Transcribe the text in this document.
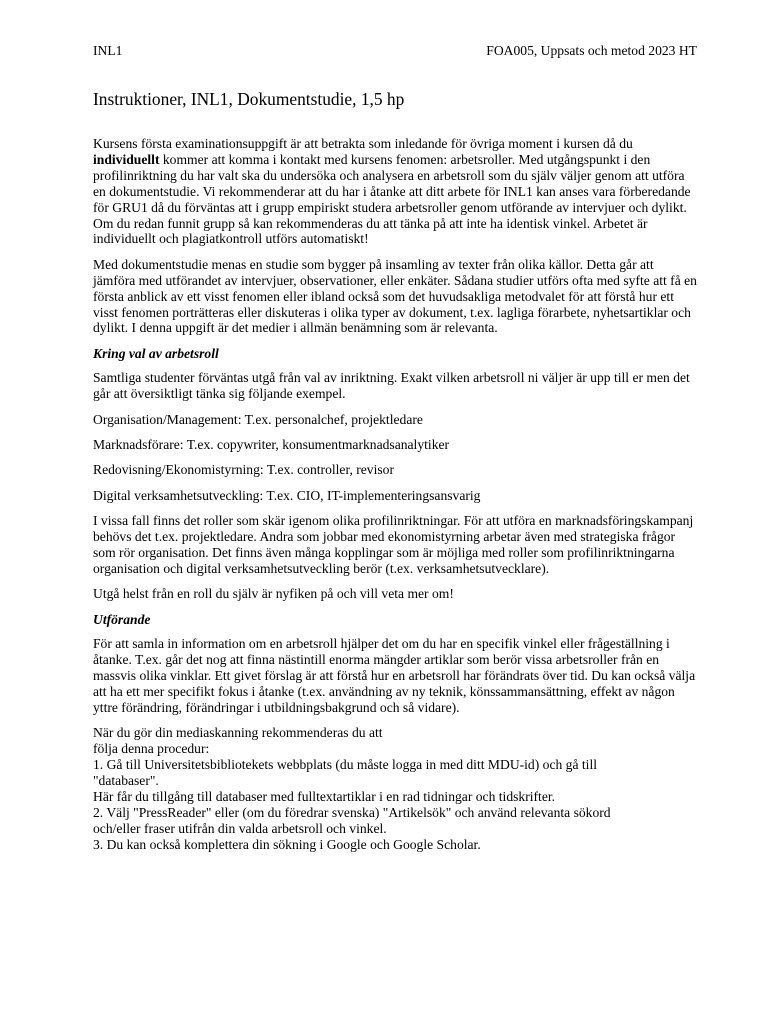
INL1	FOA005, Uppsats och metod 2023 HT
Instruktioner, INL1, Dokumentstudie, 1,5 hp

Kursens första examinationsuppgift är att betrakta som inledande för övriga moment i kursen då du individuellt kommer att komma i kontakt med kursens fenomen: arbetsroller. Med utgångspunkt i den profilinriktning du har valt ska du undersöka och analysera en arbetsroll som du själv väljer genom att utföra en dokumentstudie. Vi rekommenderar att du har i åtanke att ditt arbete för INL1 kan anses vara förberedande för GRU1 då du förväntas att i grupp empiriskt studera arbetsroller genom utförande av intervjuer och dylikt. Om du redan funnit grupp så kan rekommenderas du att tänka på att inte ha identisk vinkel. Arbetet är individuellt och plagiatkontroll utförs automatiskt!

Med dokumentstudie menas en studie som bygger på insamling av texter från olika källor. Detta går att jämföra med utförandet av intervjuer, observationer, eller enkäter. Sådana studier utförs ofta med syfte att få en första anblick av ett visst fenomen eller ibland också som det huvudsakliga metodvalet för att förstå hur ett visst fenomen porträtteras eller diskuteras i olika typer av dokument, t.ex. lagliga förarbete, nyhetsartiklar och dylikt. I denna uppgift är det medier i allmän benämning som är relevanta.

Kring val av arbetsroll

Samtliga studenter förväntas utgå från val av inriktning. Exakt vilken arbetsroll ni väljer är upp till er men det går att översiktligt tänka sig följande exempel.

Organisation/Management: T.ex. personalchef, projektledare

Marknadsförare: T.ex. copywriter, konsumentmarknadsanalytiker

Redovisning/Ekonomistyrning: T.ex. controller, revisor

Digital verksamhetsutveckling: T.ex. CIO, IT-implementeringsansvarig

I vissa fall finns det roller som skär igenom olika profilinriktningar. För att utföra en marknadsföringskampanj behövs det t.ex. projektledare. Andra som jobbar med ekonomistyrning arbetar även med strategiska frågor som rör organisation. Det finns även många kopplingar som är möjliga med roller som profilinriktningarna organisation och digital verksamhetsutveckling berör (t.ex. verksamhetsutvecklare).

Utgå helst från en roll du själv är nyfiken på och vill veta mer om!

Utförande

För att samla in information om en arbetsroll hjälper det om du har en specifik vinkel eller frågeställning i åtanke. T.ex. går det nog att finna nästintill enorma mängder artiklar som berör vissa arbetsroller från en massvis olika vinklar. Ett givet förslag är att förstå hur en arbetsroll har förändrats över tid. Du kan också välja att ha ett mer specifikt fokus i åtanke (t.ex. användning av ny teknik, könssammansättning, effekt av någon yttre förändring, förändringar i utbildningsbakgrund och så vidare).

När du gör din mediaskanning rekommenderas du att
följa denna procedur:
1. Gå till Universitetsbibliotekets webbplats (du måste logga in med ditt MDU-id) och gå till
"databaser".
Här får du tillgång till databaser med fulltextartiklar i en rad tidningar och tidskrifter.
2. Välj "PressReader" eller (om du föredrar svenska) "Artikelsök" och använd relevanta sökord
och/eller fraser utifrån din valda arbetsroll och vinkel.
3. Du kan också komplettera din sökning i Google och Google Scholar.
